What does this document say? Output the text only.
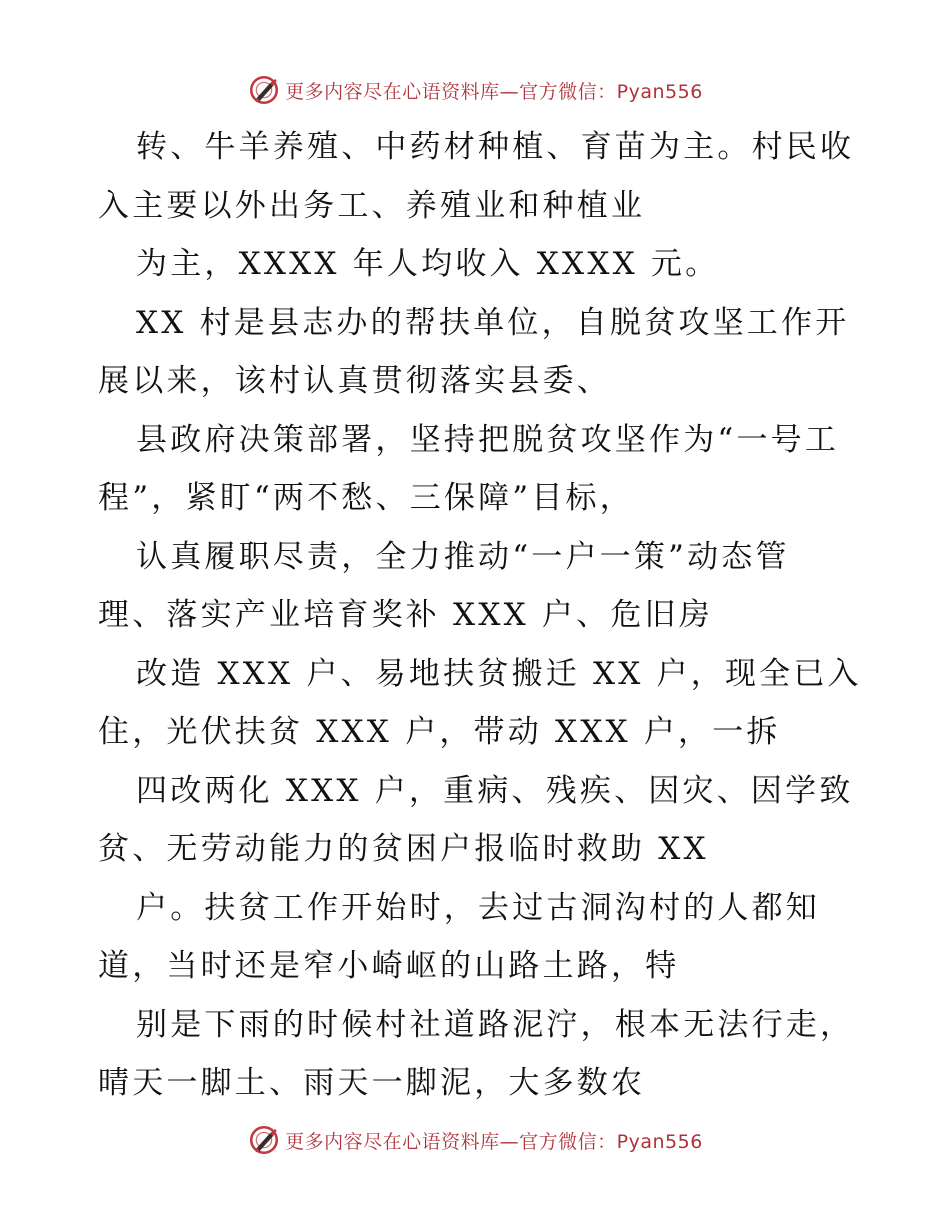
更多内容尽在心语资料库—官方微信：Pyan556
转、牛羊养殖、中药材种植、育苗为主。村民收
入主要以外出务工、养殖业和种植业
为主，XXXX 年人均收入 XXXX 元。
XX 村是县志办的帮扶单位，自脱贫攻坚工作开
展以来，该村认真贯彻落实县委、
县政府决策部署，坚持把脱贫攻坚作为“一号工
程”，紧盯“两不愁、三保障”目标，
认真履职尽责，全力推动“一户一策”动态管
理、落实产业培育奖补 XXX 户、危旧房
改造 XXX 户、易地扶贫搬迁 XX 户，现全已入
住，光伏扶贫 XXX 户，带动 XXX 户，一拆
四改两化 XXX 户，重病、残疾、因灾、因学致
贫、无劳动能力的贫困户报临时救助 XX
户。扶贫工作开始时，去过古洞沟村的人都知
道，当时还是窄小崎岖的山路土路，特
别是下雨的时候村社道路泥泞，根本无法行走，
晴天一脚土、雨天一脚泥，大多数农
更多内容尽在心语资料库—官方微信：Pyan556
